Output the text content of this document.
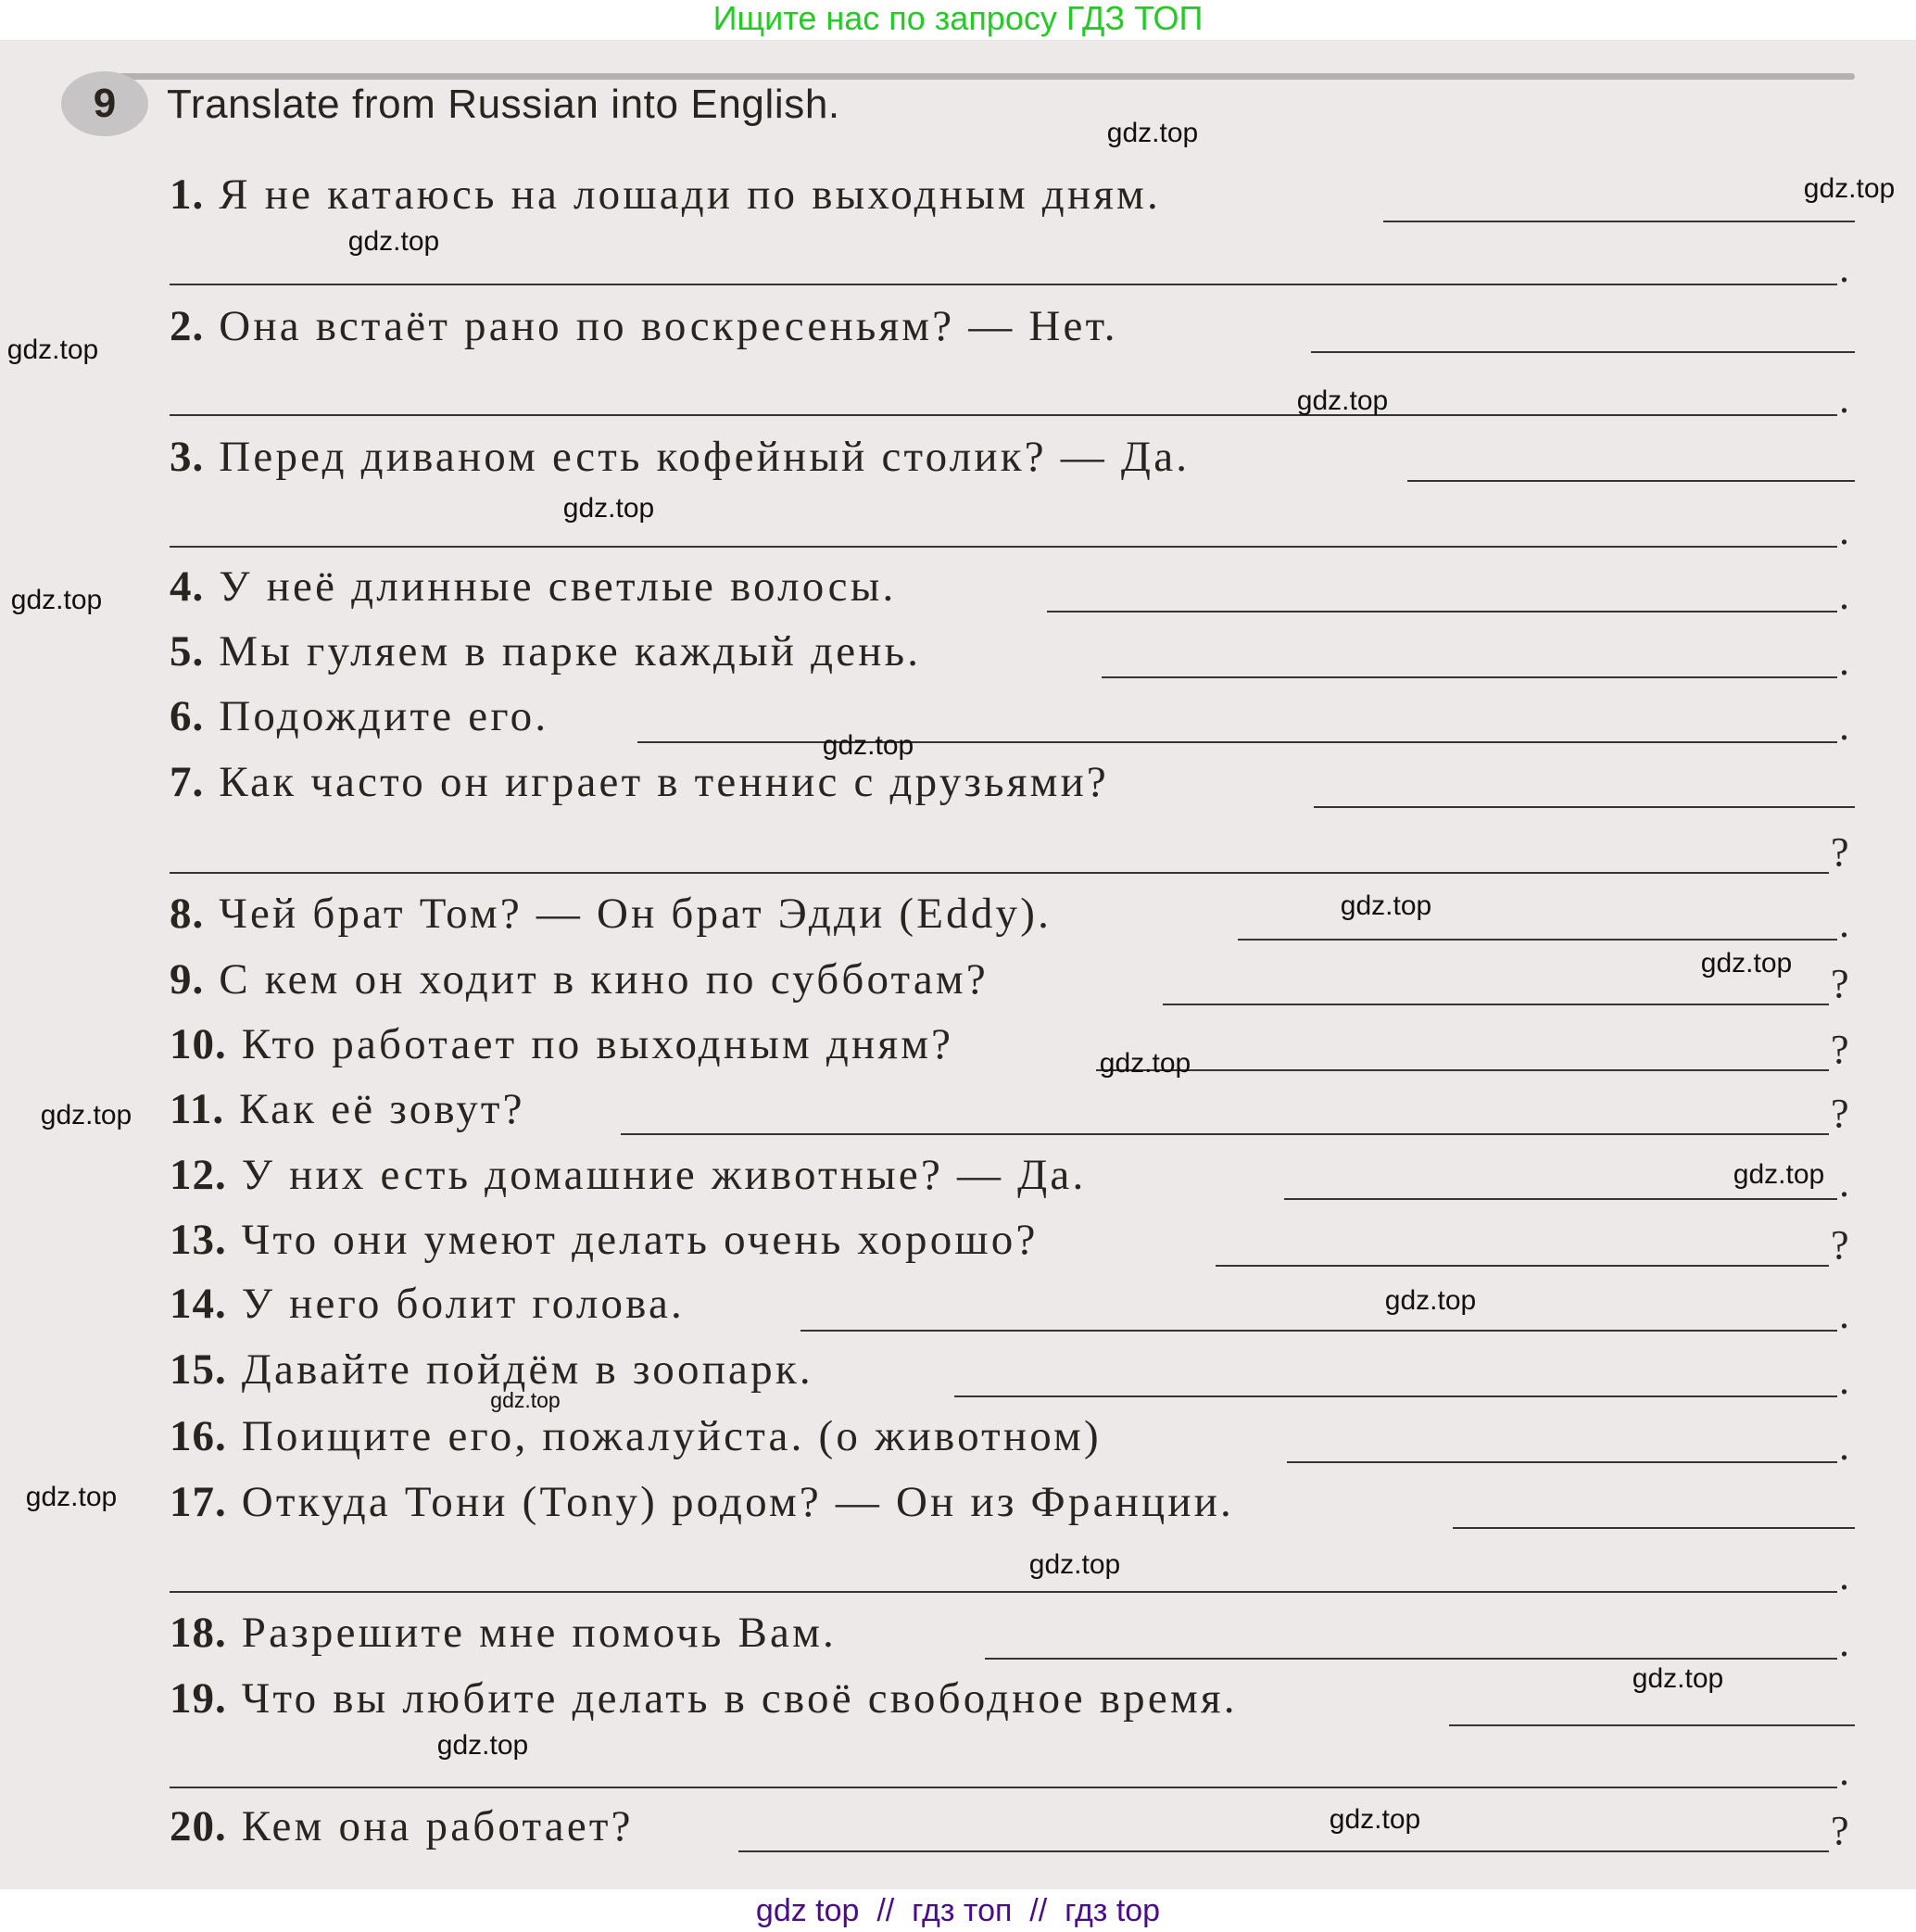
Ищите нас по запросу ГДЗ ТОП
9	Translate from Russian into English.
1. Я не катаюсь на лошади по выходным дням.
2. Она встаёт рано по воскресеньям? — Нет.
3. Перед диваном есть кофейный столик? — Да.
4. У неё длинные светлые волосы.
5. Мы гуляем в парке каждый день.
6. Подождите его.
7. Как часто он играет в теннис с друзьями?
8. Чей брат Том? — Он брат Эдди (Eddy).
9. С кем он ходит в кино по субботам?
10. Кто работает по выходным дням?
11. Как её зовут?
12. У них есть домашние животные? — Да.
13. Что они умеют делать очень хорошо?
14. У него болит голова.
15. Давайте пойдём в зоопарк.
16. Поищите его, пожалуйста. (о животном)
17. Откуда Тони (Tony) родом? — Он из Франции.
18. Разрешите мне помочь Вам.
19. Что вы любите делать в своё свободное время.
20. Кем она работает?
.
.
.
.
.
.
?
.
?
?
?
.
?
.
.
.
.
.
.
?
gdz.top
gdz.top
gdz.top
gdz.top
gdz.top
gdz.top
gdz.top
gdz.top
gdz.top
gdz.top
gdz.top
gdz.top
gdz.top
gdz.top
gdz.top
gdz.top
gdz.top
gdz.top
gdz.top
gdz.top
gdz top  //  гдз топ  //  гдз top
